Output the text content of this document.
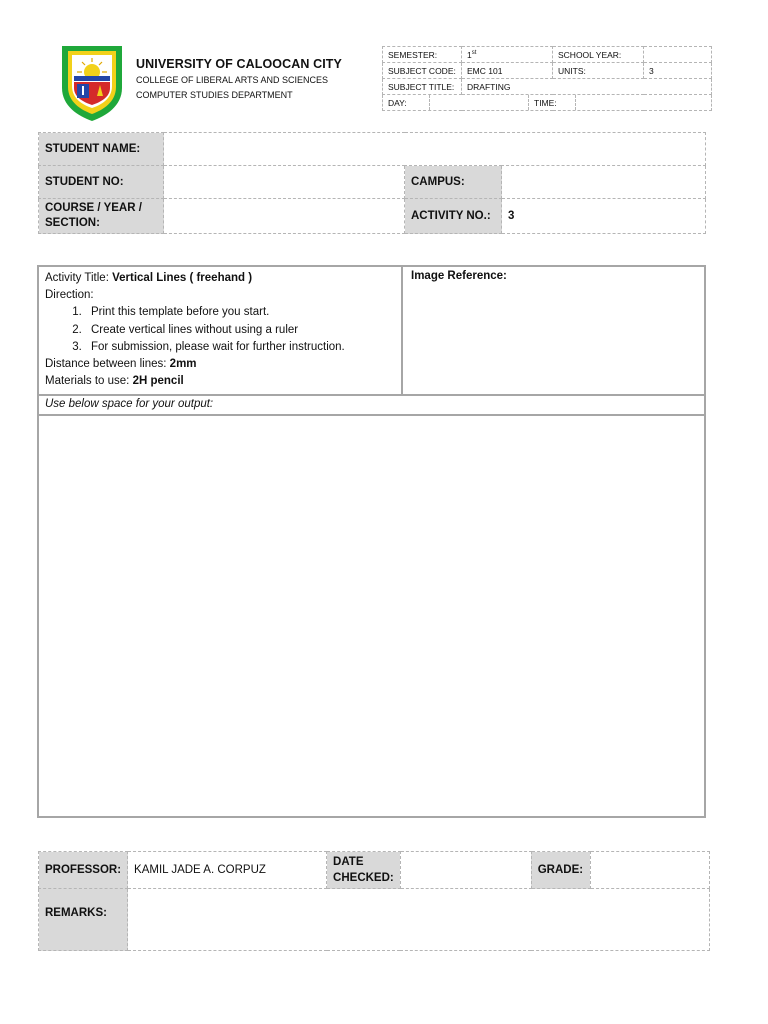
UNIVERSITY OF CALOOCAN CITY
COLLEGE OF LIBERAL ARTS AND SCIENCES
COMPUTER STUDIES DEPARTMENT
SEMESTER:	1st	SCHOOL YEAR:	
SUBJECT CODE:	EMC 101	UNITS:	3
SUBJECT TITLE:	DRAFTING

DAY:		TIME:	
STUDENT NAME:			
STUDENT NO:		CAMPUS:	
COURSE / YEAR / SECTION:		ACTIVITY NO.:	3
Activity Title: Vertical Lines ( freehand )
Direction:
1. Print this template before you start.
2. Create vertical lines without using a ruler
3. For submission, please wait for further instruction.
Distance between lines: 2mm
Materials to use: 2H pencil
Image Reference:
Use below space for your output:
PROFESSOR:	KAMIL JADE A. CORPUZ	DATE CHECKED:		GRADE:	
REMARKS:					
